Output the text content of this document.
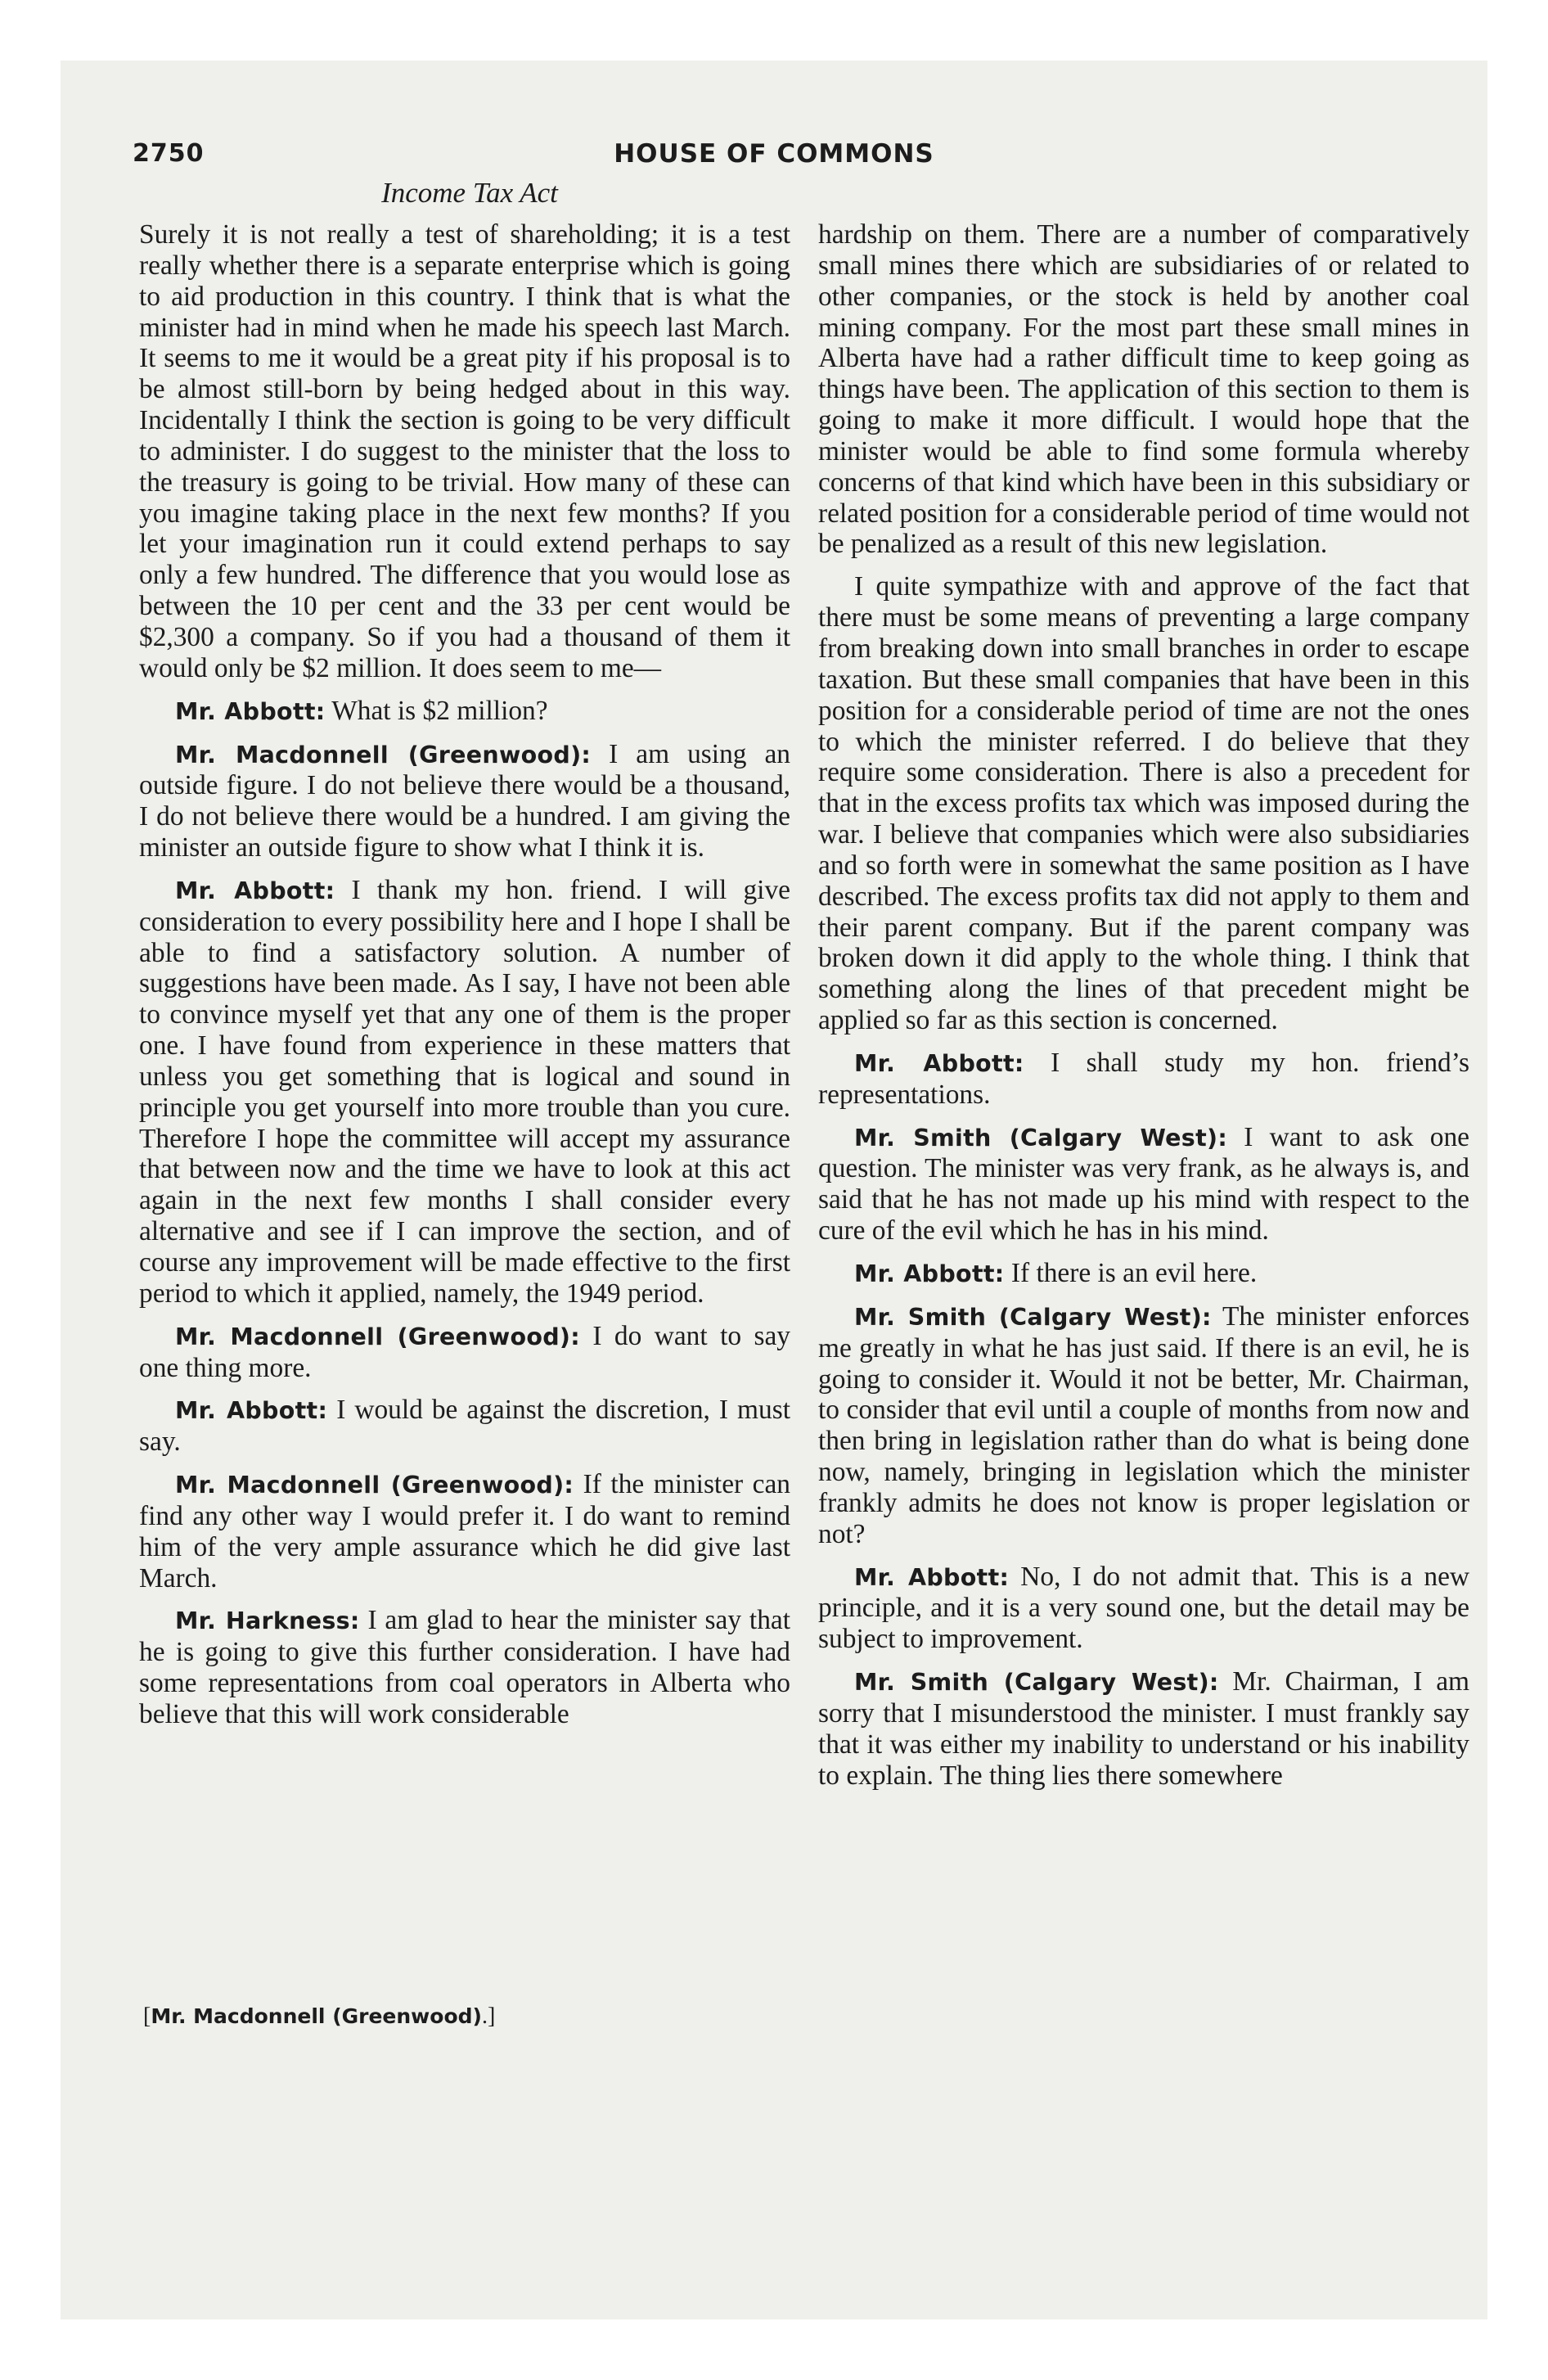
2750	HOUSE OF COMMONS
Income Tax Act

Surely it is not really a test of shareholding; it is a test really whether there is a separate enterprise which is going to aid production in this country. I think that is what the minister had in mind when he made his speech last March. It seems to me it would be a great pity if his proposal is to be almost still-born by being hedged about in this way. Incidentally I think the section is going to be very difficult to administer. I do suggest to the minister that the loss to the treasury is going to be trivial. How many of these can you imagine taking place in the next few months? If you let your imagination run it could extend perhaps to say only a few hundred. The difference that you would lose as between the 10 per cent and the 33 per cent would be $2,300 a company. So if you had a thousand of them it would only be $2 million. It does seem to me—

Mr. Abbott: What is $2 million?

Mr. Macdonnell (Greenwood): I am using an outside figure. I do not believe there would be a thousand, I do not believe there would be a hundred. I am giving the minister an outside figure to show what I think it is.

Mr. Abbott: I thank my hon. friend. I will give consideration to every possibility here and I hope I shall be able to find a satisfactory solution. A number of suggestions have been made. As I say, I have not been able to convince myself yet that any one of them is the proper one. I have found from experience in these matters that unless you get something that is logical and sound in principle you get yourself into more trouble than you cure. Therefore I hope the committee will accept my assurance that between now and the time we have to look at this act again in the next few months I shall consider every alternative and see if I can improve the section, and of course any improvement will be made effective to the first period to which it applied, namely, the 1949 period.

Mr. Macdonnell (Greenwood): I do want to say one thing more.

Mr. Abbott: I would be against the discretion, I must say.

Mr. Macdonnell (Greenwood): If the minister can find any other way I would prefer it. I do want to remind him of the very ample assurance which he did give last March.

Mr. Harkness: I am glad to hear the minister say that he is going to give this further consideration. I have had some representations from coal operators in Alberta who believe that this will work considerable

hardship on them. There are a number of comparatively small mines there which are subsidiaries of or related to other companies, or the stock is held by another coal mining company. For the most part these small mines in Alberta have had a rather difficult time to keep going as things have been. The application of this section to them is going to make it more difficult. I would hope that the minister would be able to find some formula whereby concerns of that kind which have been in this subsidiary or related position for a considerable period of time would not be penalized as a result of this new legislation.

I quite sympathize with and approve of the fact that there must be some means of preventing a large company from breaking down into small branches in order to escape taxation. But these small companies that have been in this position for a considerable period of time are not the ones to which the minister referred. I do believe that they require some consideration. There is also a precedent for that in the excess profits tax which was imposed during the war. I believe that companies which were also subsidiaries and so forth were in somewhat the same position as I have described. The excess profits tax did not apply to them and their parent company. But if the parent company was broken down it did apply to the whole thing. I think that something along the lines of that precedent might be applied so far as this section is concerned.

Mr. Abbott: I shall study my hon. friend’s representations.

Mr. Smith (Calgary West): I want to ask one question. The minister was very frank, as he always is, and said that he has not made up his mind with respect to the cure of the evil which he has in his mind.

Mr. Abbott: If there is an evil here.

Mr. Smith (Calgary West): The minister enforces me greatly in what he has just said. If there is an evil, he is going to consider it. Would it not be better, Mr. Chairman, to consider that evil until a couple of months from now and then bring in legislation rather than do what is being done now, namely, bringing in legislation which the minister frankly admits he does not know is proper legislation or not?

Mr. Abbott: No, I do not admit that. This is a new principle, and it is a very sound one, but the detail may be subject to improvement.

Mr. Smith (Calgary West): Mr. Chairman, I am sorry that I misunderstood the minister. I must frankly say that it was either my inability to understand or his inability to explain. The thing lies there somewhere

[Mr. Macdonnell (Greenwood).]
